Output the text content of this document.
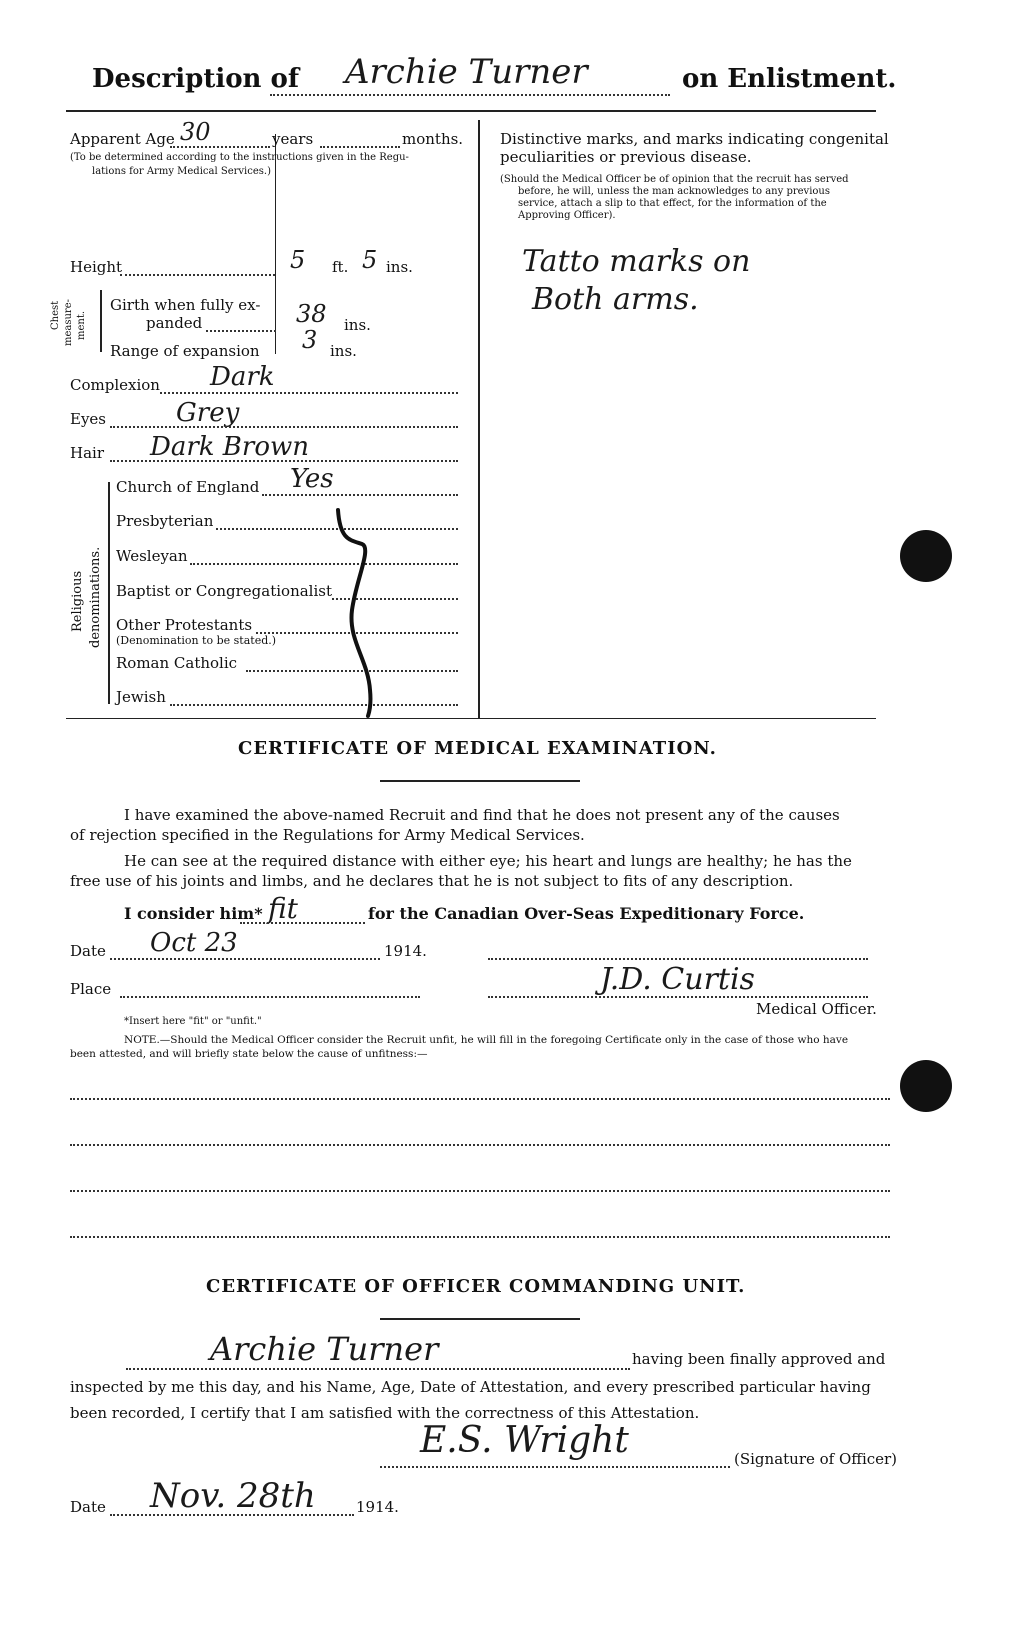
Description of Archie Turner	on Enlistment.
Apparent Age 30	years	months.
(To be determined according to the instructions given in the Regu-
lations for Army Medical Services.)
Height	5 ft. 5 ins.
Chest measure- ment.
Girth when fully ex-
panded	38 ins.
Range of expansion 3 ins.
Complexion Dark
Eyes	Grey
Hair Dark Brown
Religious denominations.
Church of England Yes
Presbyterian
Wesleyan
Baptist or Congregationalist
Other Protestants
(Denomination to be stated.)
Roman Catholic
Jewish
Distinctive marks, and marks indicating congenital
peculiarities or previous disease.
(Should the Medical Officer be of opinion that the recruit has served
before, he will, unless the man acknowledges to any previous
service, attach a slip to that effect, for the information of the
Approving Officer).
Tatto marks on
Both arms.
CERTIFICATE OF MEDICAL EXAMINATION.
I have examined the above-named Recruit and find that he does not present any of the causes
of rejection specified in the Regulations for Army Medical Services.
He can see at the required distance with either eye; his heart and lungs are healthy; he has the
free use of his joints and limbs, and he declares that he is not subject to fits of any description.
I consider him* fit	for the Canadian Over-Seas Expeditionary Force.
Date Oct 23	1914.
Place	J.D. Curtis
Medical Officer.
*Insert here "fit" or "unfit."
NOTE.—Should the Medical Officer consider the Recruit unfit, he will fill in the foregoing Certificate only in the case of those who have
been attested, and will briefly state below the cause of unfitness:—
CERTIFICATE OF OFFICER COMMANDING UNIT.
Archie Turner	having been finally approved and
inspected by me this day, and his Name, Age, Date of Attestation, and every prescribed particular having
been recorded, I certify that I am satisfied with the correctness of this Attestation.
E.S. Wright	(Signature of Officer)
Date Nov. 28th	1914.
